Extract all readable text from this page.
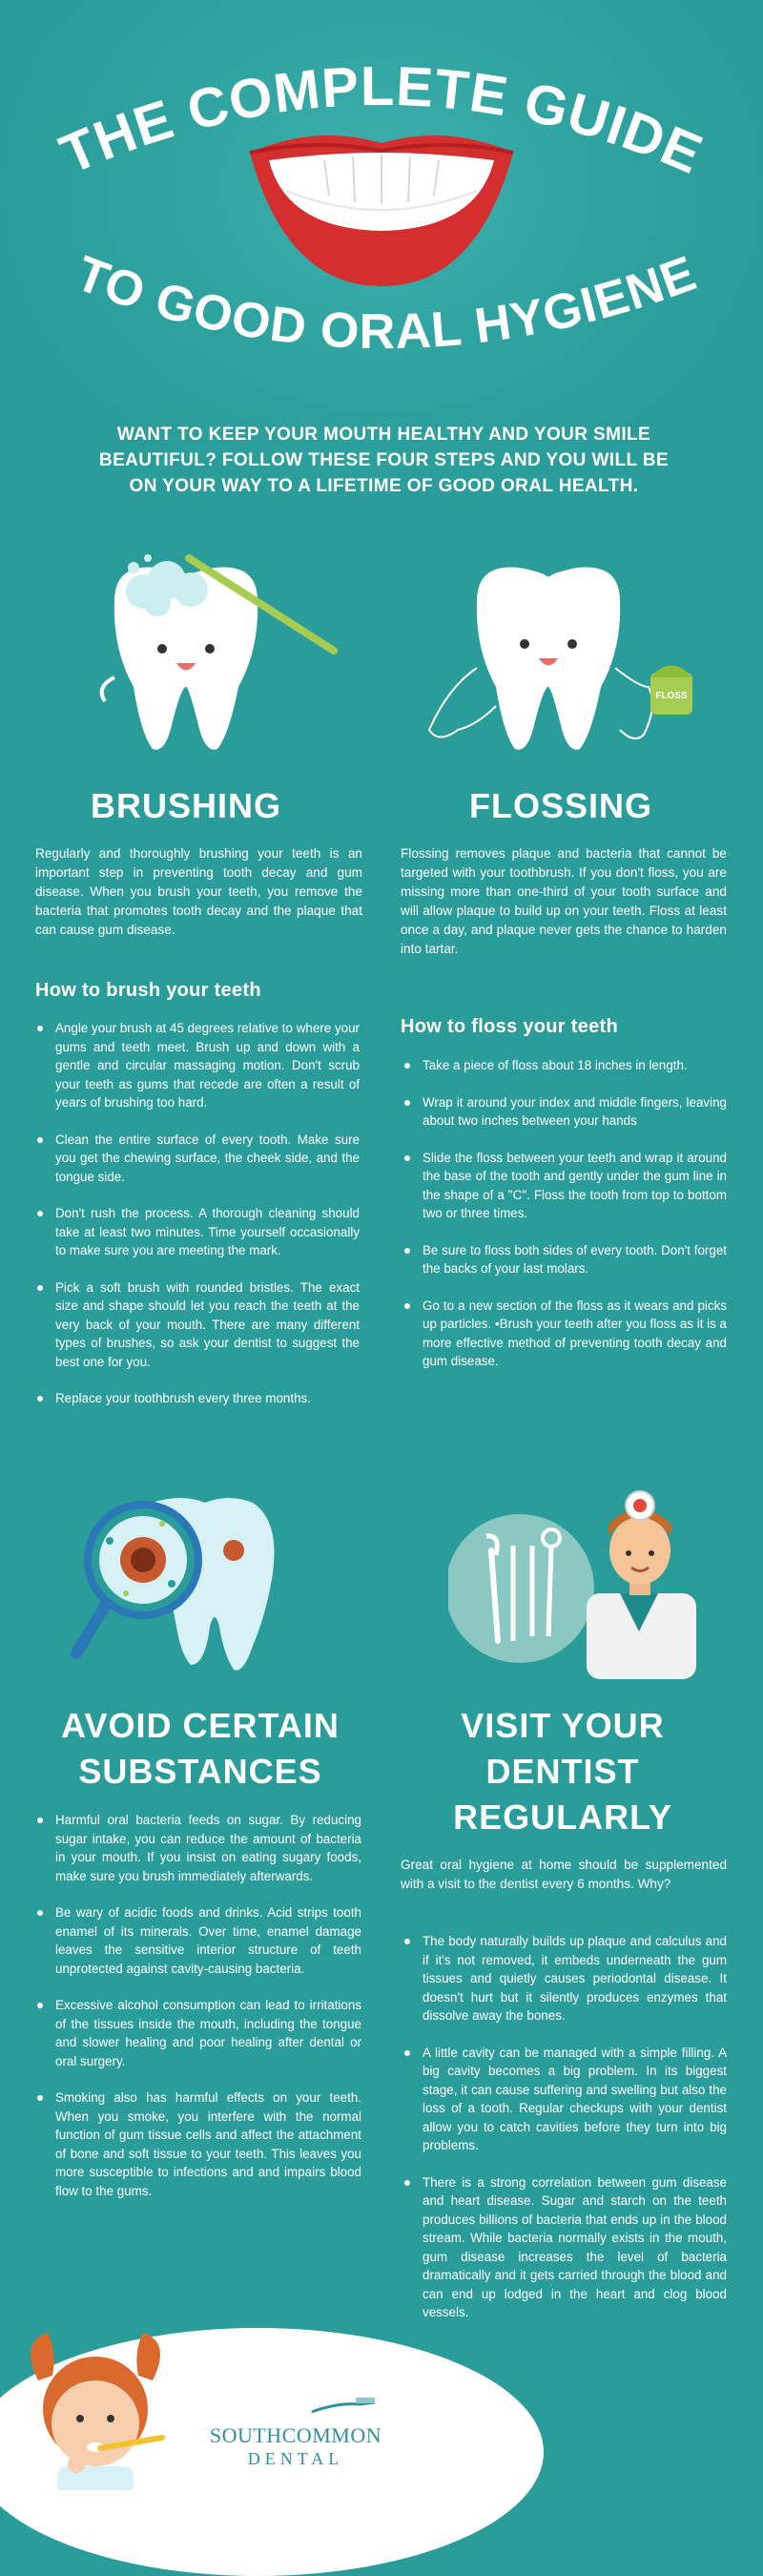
THE COMPLETE GUIDE
TO GOOD ORAL HYGIENE
WANT TO KEEP YOUR MOUTH HEALTHY AND YOUR SMILE BEAUTIFUL? FOLLOW THESE FOUR STEPS AND YOU WILL BE ON YOUR WAY TO A LIFETIME OF GOOD ORAL HEALTH.
FLOSS
BRUSHING	FLOSSING
Regularly and thoroughly brushing your teeth is an important step in preventing tooth decay and gum disease. When you brush your teeth, you remove the bacteria that promotes tooth decay and the plaque that can cause gum disease.
Flossing removes plaque and bacteria that cannot be targeted with your toothbrush. If you don't floss, you are missing more than one-third of your tooth surface and will allow plaque to build up on your teeth. Floss at least once a day, and plaque never gets the chance to harden into tartar.
How to brush your teeth
How to floss your teeth
Angle your brush at 45 degrees relative to where your gums and teeth meet. Brush up and down with a gentle and circular massaging motion. Don't scrub your teeth as gums that recede are often a result of years of brushing too hard.
Clean the entire surface of every tooth. Make sure you get the chewing surface, the cheek side, and the tongue side.
Don't rush the process. A thorough cleaning should take at least two minutes. Time yourself occasionally to make sure you are meeting the mark.
Pick a soft brush with rounded bristles. The exact size and shape should let you reach the teeth at the very back of your mouth. There are many different types of brushes, so ask your dentist to suggest the best one for you.
Replace your toothbrush every three months.
Take a piece of floss about 18 inches in length.
Wrap it around your index and middle fingers, leaving about two inches between your hands
Slide the floss between your teeth and wrap it around the base of the tooth and gently under the gum line in the shape of a "C". Floss the tooth from top to bottom two or three times.
Be sure to floss both sides of every tooth. Don't forget the backs of your last molars.
Go to a new section of the floss as it wears and picks up particles. •Brush your teeth after you floss as it is a more effective method of preventing tooth decay and gum disease.
AVOID CERTAIN
SUBSTANCES
VISIT YOUR
DENTIST
REGULARLY
Harmful oral bacteria feeds on sugar. By reducing sugar intake, you can reduce the amount of bacteria in your mouth. If you insist on eating sugary foods, make sure you brush immediately afterwards.
Be wary of acidic foods and drinks. Acid strips tooth enamel of its minerals. Over time, enamel damage leaves the sensitive interior structure of teeth unprotected against cavity-causing bacteria.
Excessive alcohol consumption can lead to irritations of the tissues inside the mouth, including the tongue and slower healing and poor healing after dental or oral surgery.
Smoking also has harmful effects on your teeth. When you smoke, you interfere with the normal function of gum tissue cells and affect the attachment of bone and soft tissue to your teeth. This leaves you more susceptible to infections and and impairs blood flow to the gums.
Great oral hygiene at home should be supplemented with a visit to the dentist every 6 months. Why?
The body naturally builds up plaque and calculus and if it's not removed, it embeds underneath the gum tissues and quietly causes periodontal disease. It doesn't hurt but it silently produces enzymes that dissolve away the bones.
A little cavity can be managed with a simple filling. A big cavity becomes a big problem. In its biggest stage, it can cause suffering and swelling but also the loss of a tooth. Regular checkups with your dentist allow you to catch cavities before they turn into big problems.
There is a strong correlation between gum disease and heart disease. Sugar and starch on the teeth produces billions of bacteria that ends up in the blood stream. While bacteria normally exists in the mouth, gum disease increases the level of bacteria dramatically and it gets carried through the blood and can end up lodged in the heart and clog blood vessels.
SOUTHCOMMON
DENTAL
